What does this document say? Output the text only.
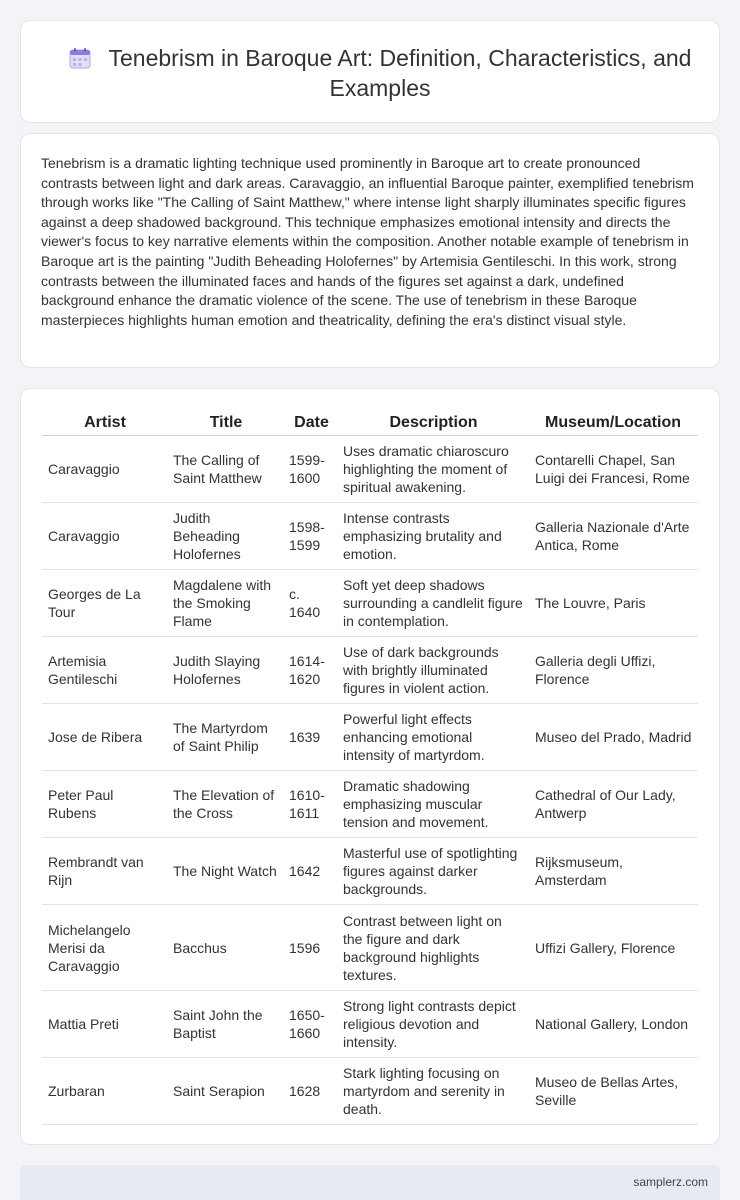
Tenebrism in Baroque Art: Definition, Characteristics, and Examples

Tenebrism is a dramatic lighting technique used prominently in Baroque art to create pronounced contrasts between light and dark areas. Caravaggio, an influential Baroque painter, exemplified tenebrism through works like "The Calling of Saint Matthew," where intense light sharply illuminates specific figures against a deep shadowed background. This technique emphasizes emotional intensity and directs the viewer's focus to key narrative elements within the composition. Another notable example of tenebrism in Baroque art is the painting "Judith Beheading Holofernes" by Artemisia Gentileschi. In this work, strong contrasts between the illuminated faces and hands of the figures set against a dark, undefined background enhance the dramatic violence of the scene. The use of tenebrism in these Baroque masterpieces highlights human emotion and theatricality, defining the era's distinct visual style.

Artist	Title	Date	Description	Museum/Location
Caravaggio	The Calling of Saint Matthew	1599-1600	Uses dramatic chiaroscuro highlighting the moment of spiritual awakening.	Contarelli Chapel, San Luigi dei Francesi, Rome
Caravaggio	Judith Beheading Holofernes	1598-1599	Intense contrasts emphasizing brutality and emotion.	Galleria Nazionale d'Arte Antica, Rome
Georges de La Tour	Magdalene with the Smoking Flame	c. 1640	Soft yet deep shadows surrounding a candlelit figure in contemplation.	The Louvre, Paris
Artemisia Gentileschi	Judith Slaying Holofernes	1614-1620	Use of dark backgrounds with brightly illuminated figures in violent action.	Galleria degli Uffizi, Florence
Jose de Ribera	The Martyrdom of Saint Philip	1639	Powerful light effects enhancing emotional intensity of martyrdom.	Museo del Prado, Madrid
Peter Paul Rubens	The Elevation of the Cross	1610-1611	Dramatic shadowing emphasizing muscular tension and movement.	Cathedral of Our Lady, Antwerp
Rembrandt van Rijn	The Night Watch	1642	Masterful use of spotlighting figures against darker backgrounds.	Rijksmuseum, Amsterdam
Michelangelo Merisi da Caravaggio	Bacchus	1596	Contrast between light on the figure and dark background highlights textures.	Uffizi Gallery, Florence
Mattia Preti	Saint John the Baptist	1650-1660	Strong light contrasts depict religious devotion and intensity.	National Gallery, London
Zurbaran	Saint Serapion	1628	Stark lighting focusing on martyrdom and serenity in death.	Museo de Bellas Artes, Seville
samplerz.com
